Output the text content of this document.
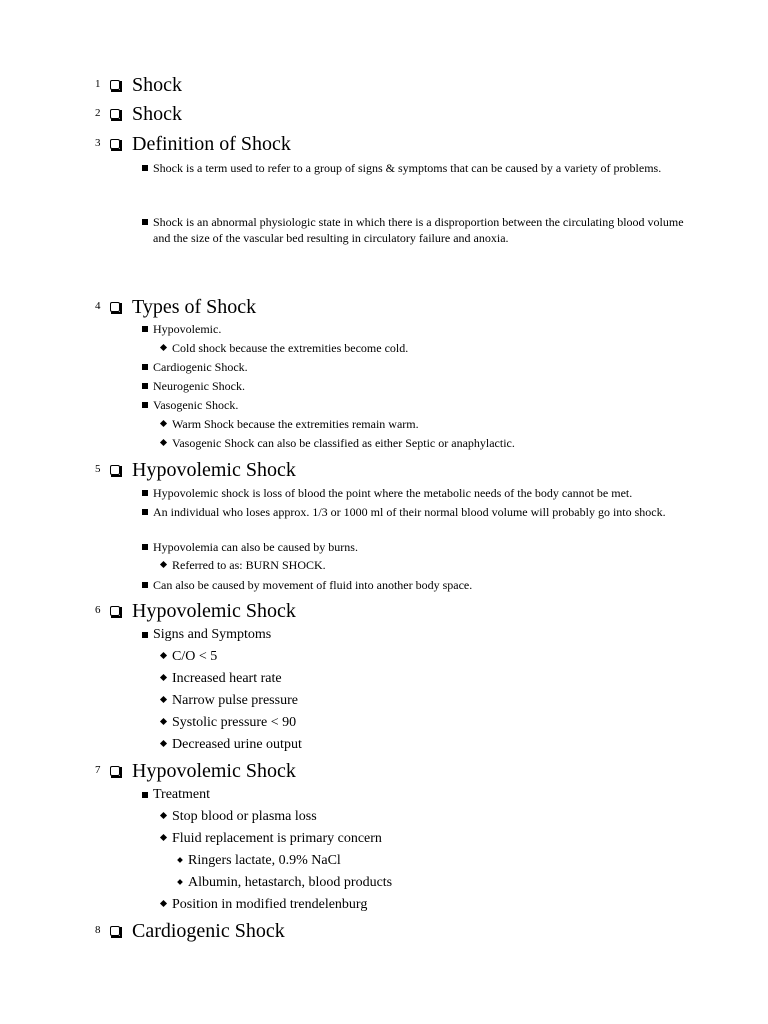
1 Shock
2 Shock
3 Definition of Shock
Shock is a term used to refer to a group of signs & symptoms that can be caused by a variety of problems.
Shock is an abnormal physiologic state in which there is a disproportion between the circulating blood volume and the size of the vascular bed resulting in circulatory failure and anoxia.
4 Types of Shock
Hypovolemic.
Cold shock because the extremities become cold.
Cardiogenic Shock.
Neurogenic Shock.
Vasogenic Shock.
Warm Shock because the extremities remain warm.
Vasogenic Shock can also be classified as either Septic or anaphylactic.
5 Hypovolemic Shock
Hypovolemic shock is loss of blood the point where the metabolic needs of the body cannot be met.
An individual who loses approx. 1/3 or 1000 ml of their normal blood volume will probably go into shock.
Hypovolemia can also be caused by burns.
Referred to as: BURN SHOCK.
Can also be caused by movement of fluid into another body space.
6 Hypovolemic Shock
Signs and Symptoms
C/O < 5
Increased heart rate
Narrow pulse pressure
Systolic pressure < 90
Decreased urine output
7 Hypovolemic Shock
Treatment
Stop blood or plasma loss
Fluid replacement is primary concern
Ringers lactate, 0.9% NaCl
Albumin, hetastarch, blood products
Position in modified trendelenburg
8 Cardiogenic Shock
